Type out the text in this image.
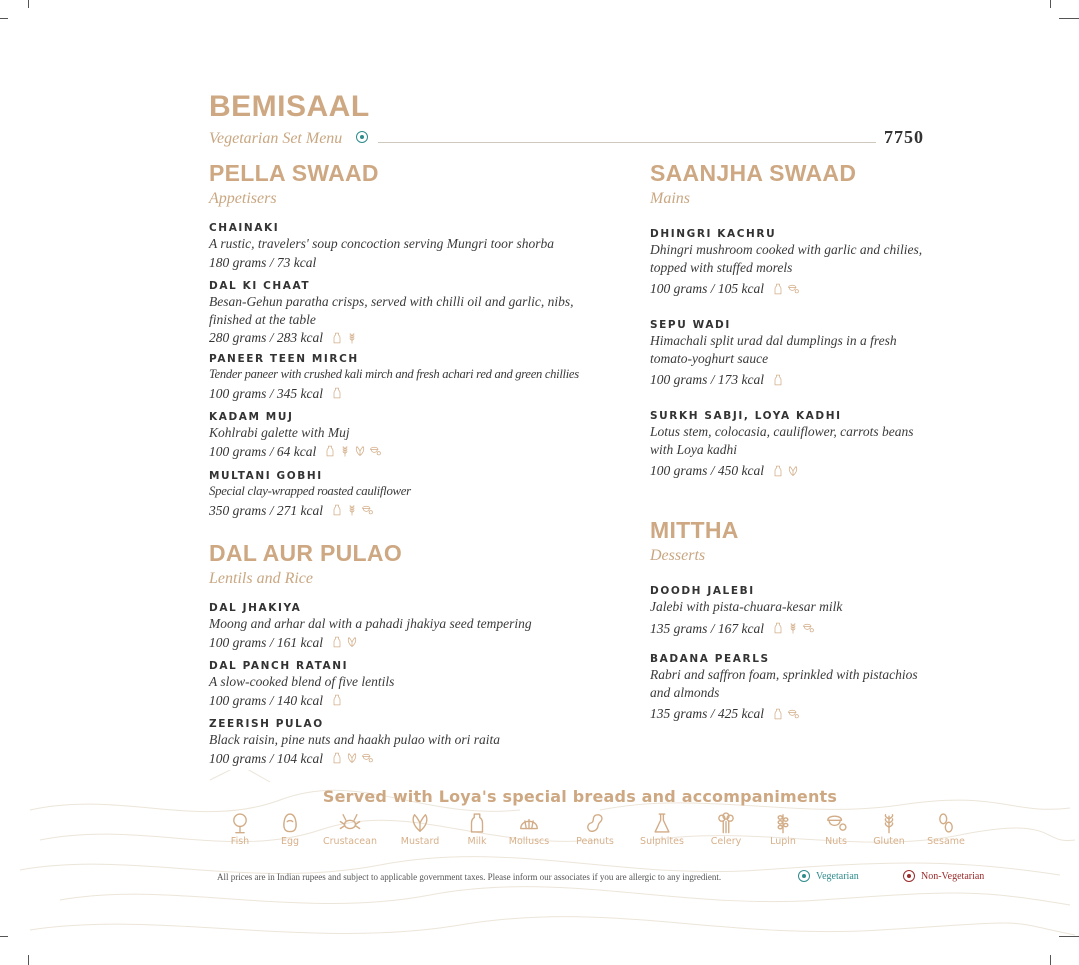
BEMISAAL
Vegetarian Set Menu	7750
PELLA SWAAD
Appetisers
CHAINAKI
A rustic, travelers' soup concoction serving Mungri toor shorba
180 grams / 73 kcal
DAL KI CHAAT
Besan-Gehun paratha crisps, served with chilli oil and garlic, nibs, finished at the table
280 grams / 283 kcal
PANEER TEEN MIRCH
Tender paneer with crushed kali mirch and fresh achari red and green chillies
100 grams / 345 kcal
KADAM MUJ
Kohlrabi galette with Muj
100 grams / 64 kcal
MULTANI GOBHI
Special clay-wrapped roasted cauliflower
350 grams / 271 kcal
DAL AUR PULAO
Lentils and Rice
DAL JHAKIYA
Moong and arhar dal with a pahadi jhakiya seed tempering
100 grams / 161 kcal
DAL PANCH RATANI
A slow-cooked blend of five lentils
100 grams / 140 kcal
ZEERISH PULAO
Black raisin, pine nuts and haakh pulao with ori raita
100 grams / 104 kcal
SAANJHA SWAAD
Mains
DHINGRI KACHRU
Dhingri mushroom cooked with garlic and chilies, topped with stuffed morels
100 grams / 105 kcal
SEPU WADI
Himachali split urad dal dumplings in a fresh tomato-yoghurt sauce
100 grams / 173 kcal
SURKH SABJI, LOYA KADHI
Lotus stem, colocasia, cauliflower, carrots beans with Loya kadhi
100 grams / 450 kcal
MITTHA
Desserts
DOODH JALEBI
Jalebi with pista-chuara-kesar milk
135 grams / 167 kcal
BADANA PEARLS
Rabri and saffron foam, sprinkled with pistachios and almonds
135 grams / 425 kcal
Served with Loya's special breads and accompaniments
Fish	Egg	Crustacean	Mustard	Milk	Molluscs	Peanuts	Sulphites	Celery	Lupin	Nuts	Gluten	Sesame
All prices are in Indian rupees and subject to applicable government taxes. Please inform our associates if you are allergic to any ingredient.	Vegetarian	Non-Vegetarian
